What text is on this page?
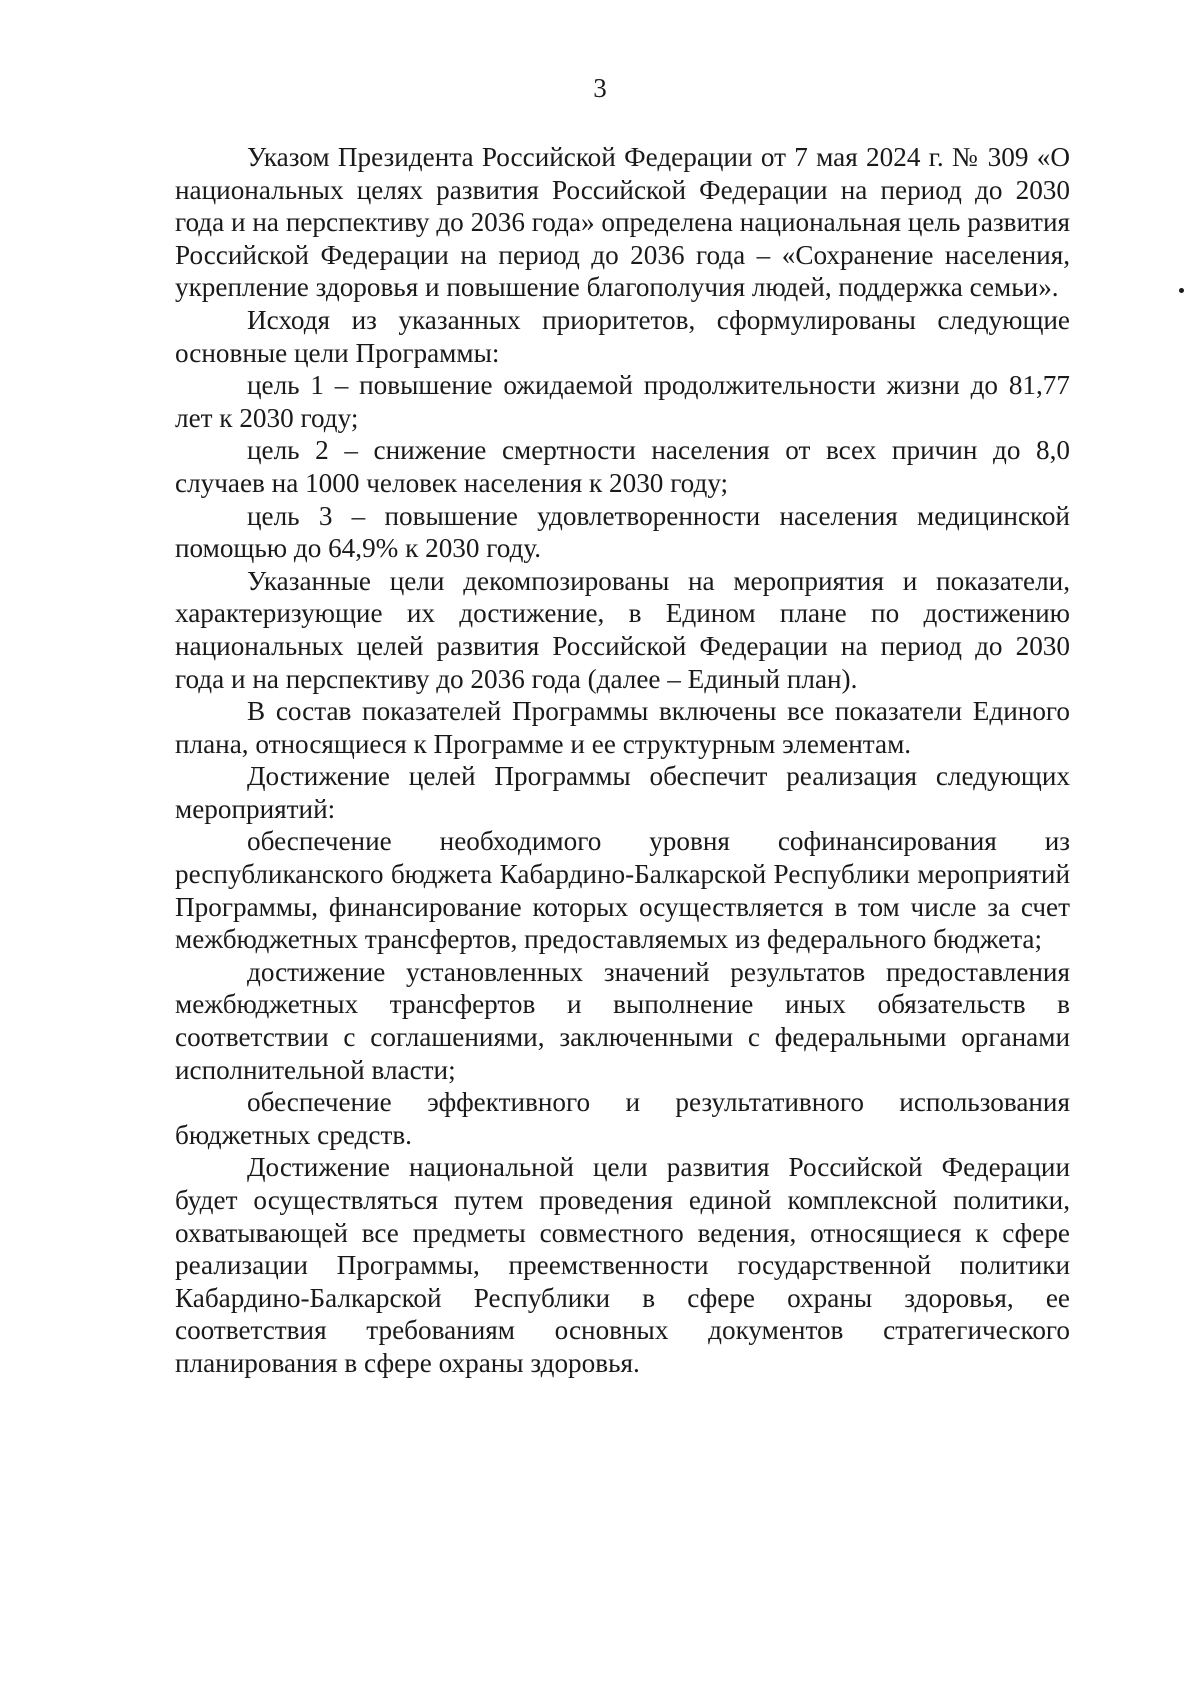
3

Указом Президента Российской Федерации от 7 мая 2024 г. № 309 «О национальных целях развития Российской Федерации на период до 2030 года и на перспективу до 2036 года» определена национальная цель развития Российской Федерации на период до 2036 года – «Сохранение населения, укрепление здоровья и повышение благополучия людей, поддержка семьи».

Исходя из указанных приоритетов, сформулированы следующие основные цели Программы:

цель 1 – повышение ожидаемой продолжительности жизни до 81,77 лет к 2030 году;

цель 2 – снижение смертности населения от всех причин до 8,0 случаев на 1000 человек населения к 2030 году;

цель 3 – повышение удовлетворенности населения медицинской помощью до 64,9% к 2030 году.

Указанные цели декомпозированы на мероприятия и показатели, характеризующие их достижение, в Едином плане по достижению национальных целей развития Российской Федерации на период до 2030 года и на перспективу до 2036 года (далее – Единый план).

В состав показателей Программы включены все показатели Единого плана, относящиеся к Программе и ее структурным элементам.

Достижение целей Программы обеспечит реализация следующих мероприятий:

обеспечение необходимого уровня софинансирования из республиканского бюджета Кабардино-Балкарской Республики мероприятий Программы, финансирование которых осуществляется в том числе за счет межбюджетных трансфертов, предоставляемых из федерального бюджета;

достижение установленных значений результатов предоставления межбюджетных трансфертов и выполнение иных обязательств в соответствии с соглашениями, заключенными с федеральными органами исполнительной власти;

обеспечение эффективного и результативного использования бюджетных средств.

Достижение национальной цели развития Российской Федерации будет осуществляться путем проведения единой комплексной политики, охватывающей все предметы совместного ведения, относящиеся к сфере реализации Программы, преемственности государственной политики Кабардино-Балкарской Республики в сфере охраны здоровья, ее соответствия требованиям основных документов стратегического планирования в сфере охраны здоровья.
